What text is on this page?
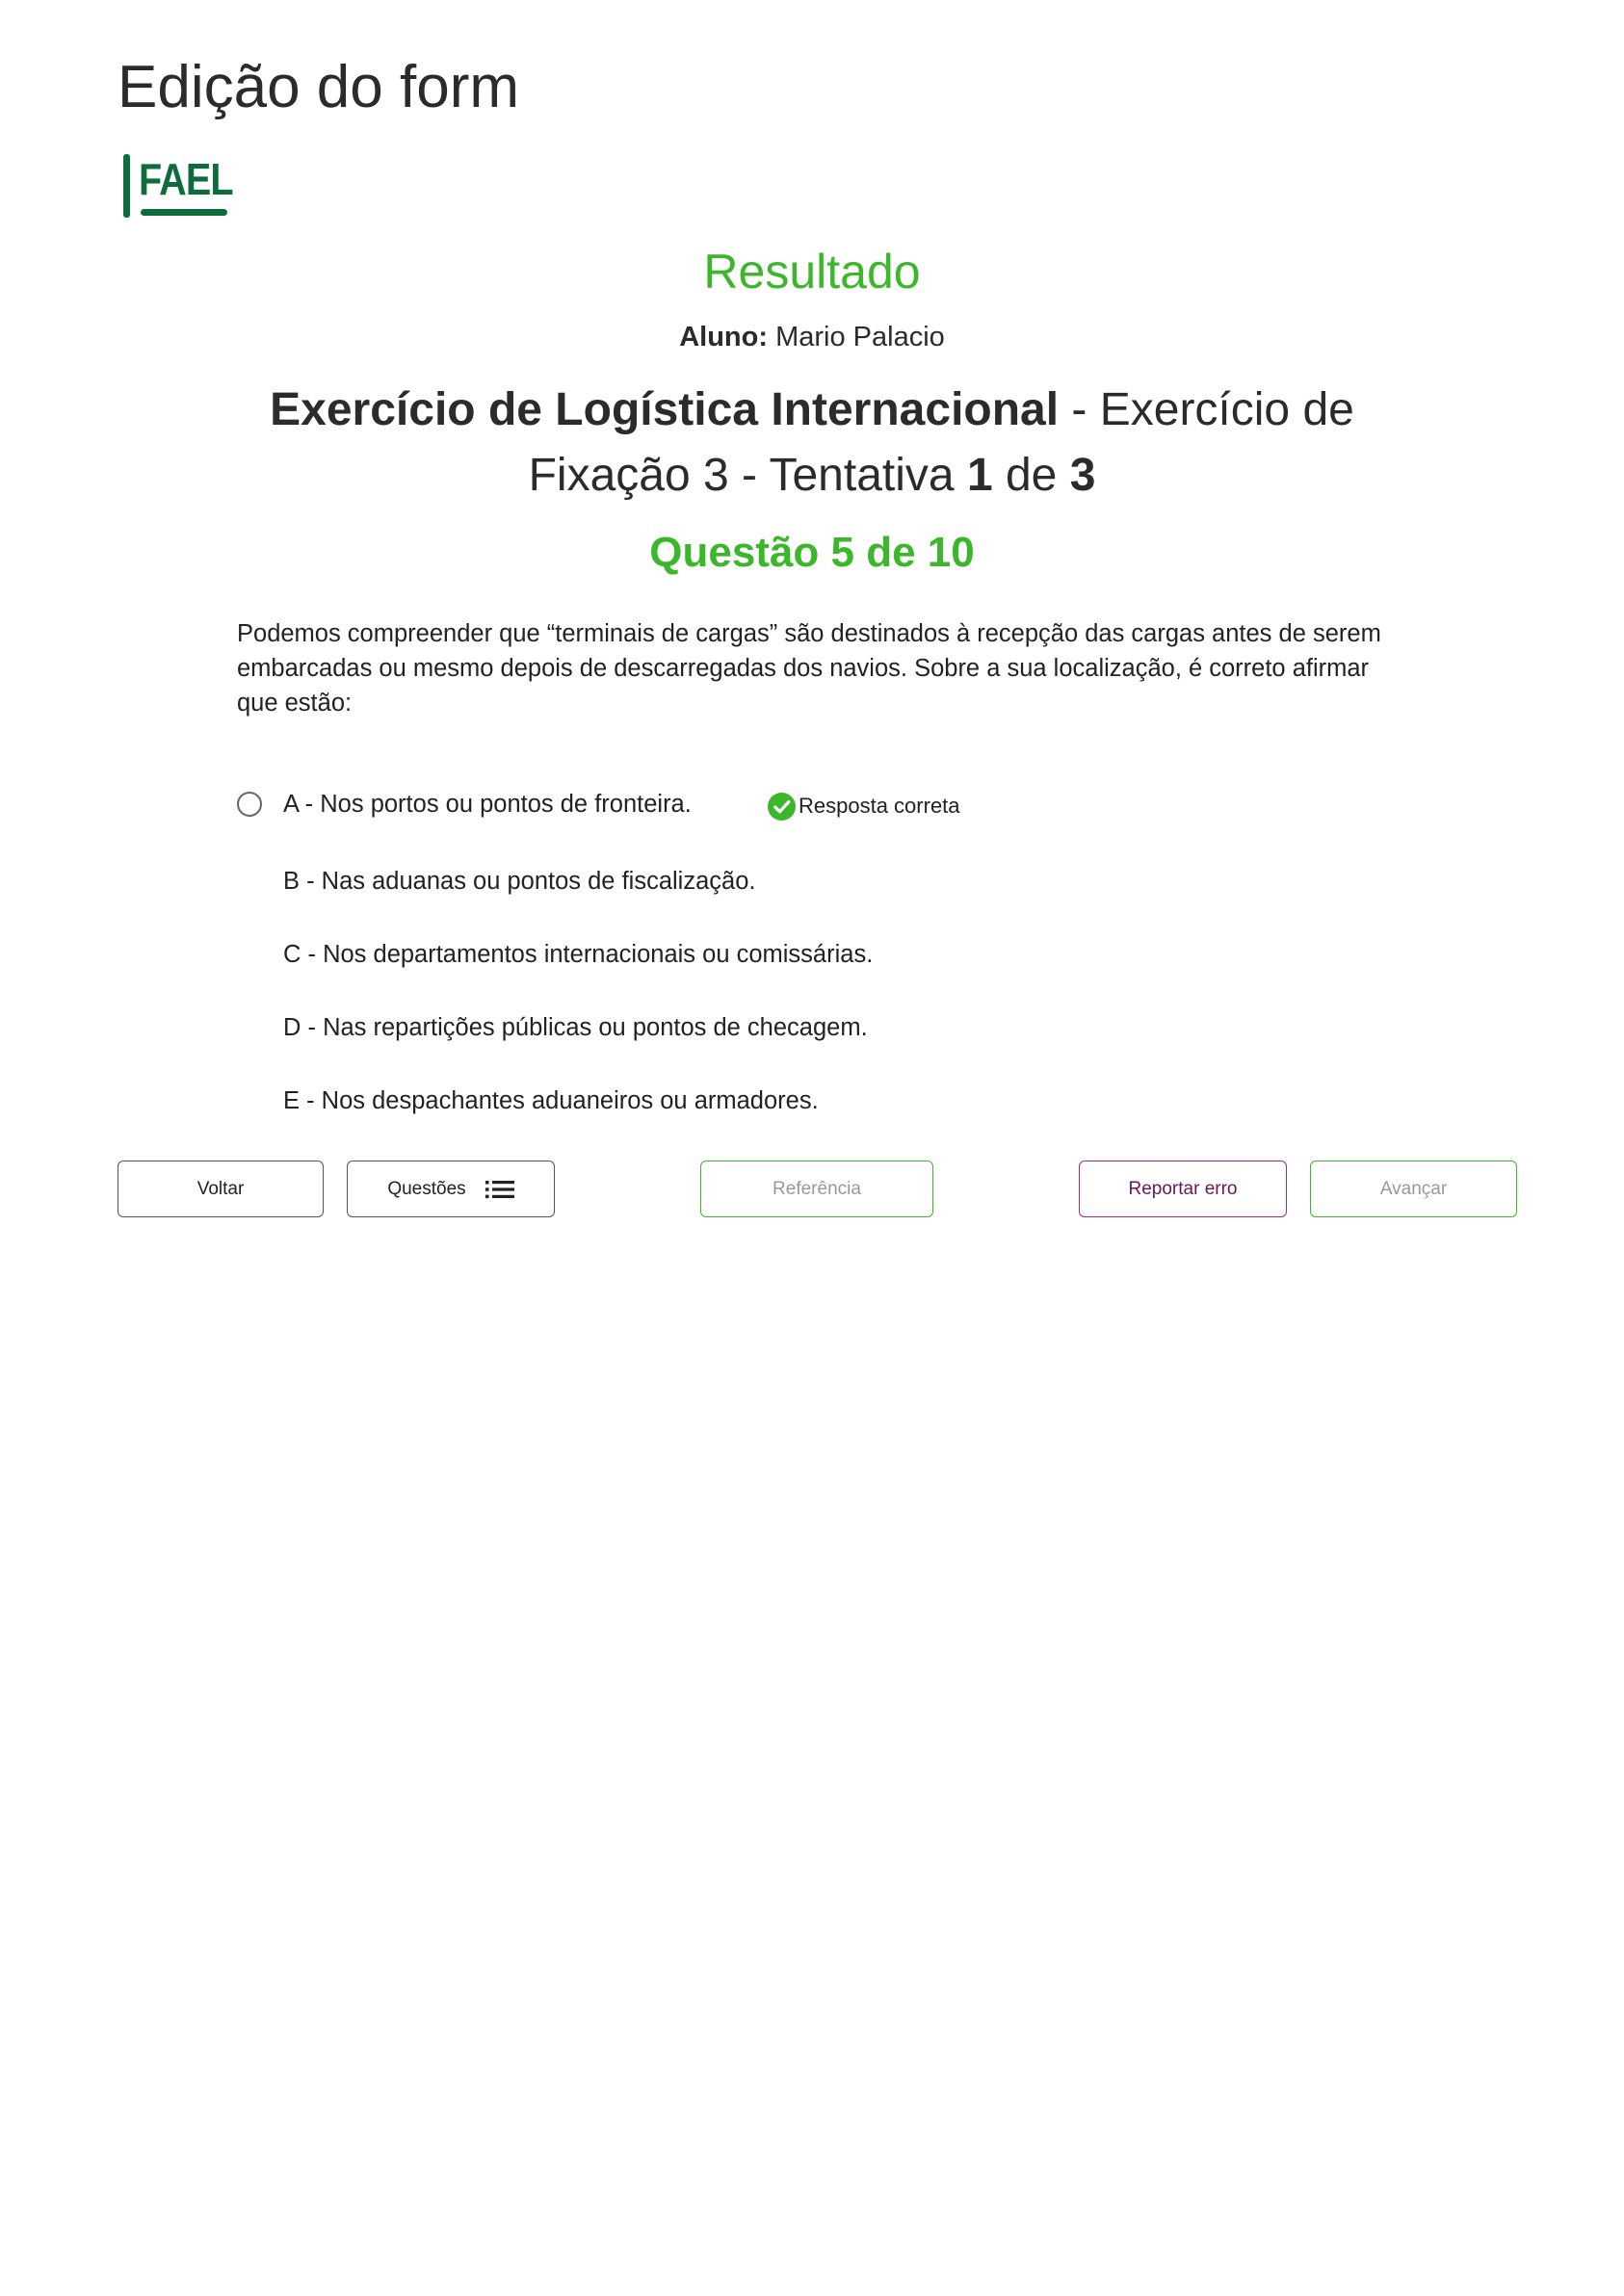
Edição do form
FAEL
Resultado

Aluno: Mario Palacio

Exercício de Logística Internacional - Exercício de Fixação 3 - Tentativa 1 de 3

Questão 5 de 10

Podemos compreender que “terminais de cargas” são destinados à recepção das cargas antes de serem embarcadas ou mesmo depois de descarregadas dos navios. Sobre a sua localização, é correto afirmar que estão:

A - Nos portos ou pontos de fronteira.	Resposta correta
B - Nas aduanas ou pontos de fiscalização.
C - Nos departamentos internacionais ou comissárias.
D - Nas repartições públicas ou pontos de checagem.
E - Nos despachantes aduaneiros ou armadores.
Voltar	Questões	Referência	Reportar erro	Avançar
